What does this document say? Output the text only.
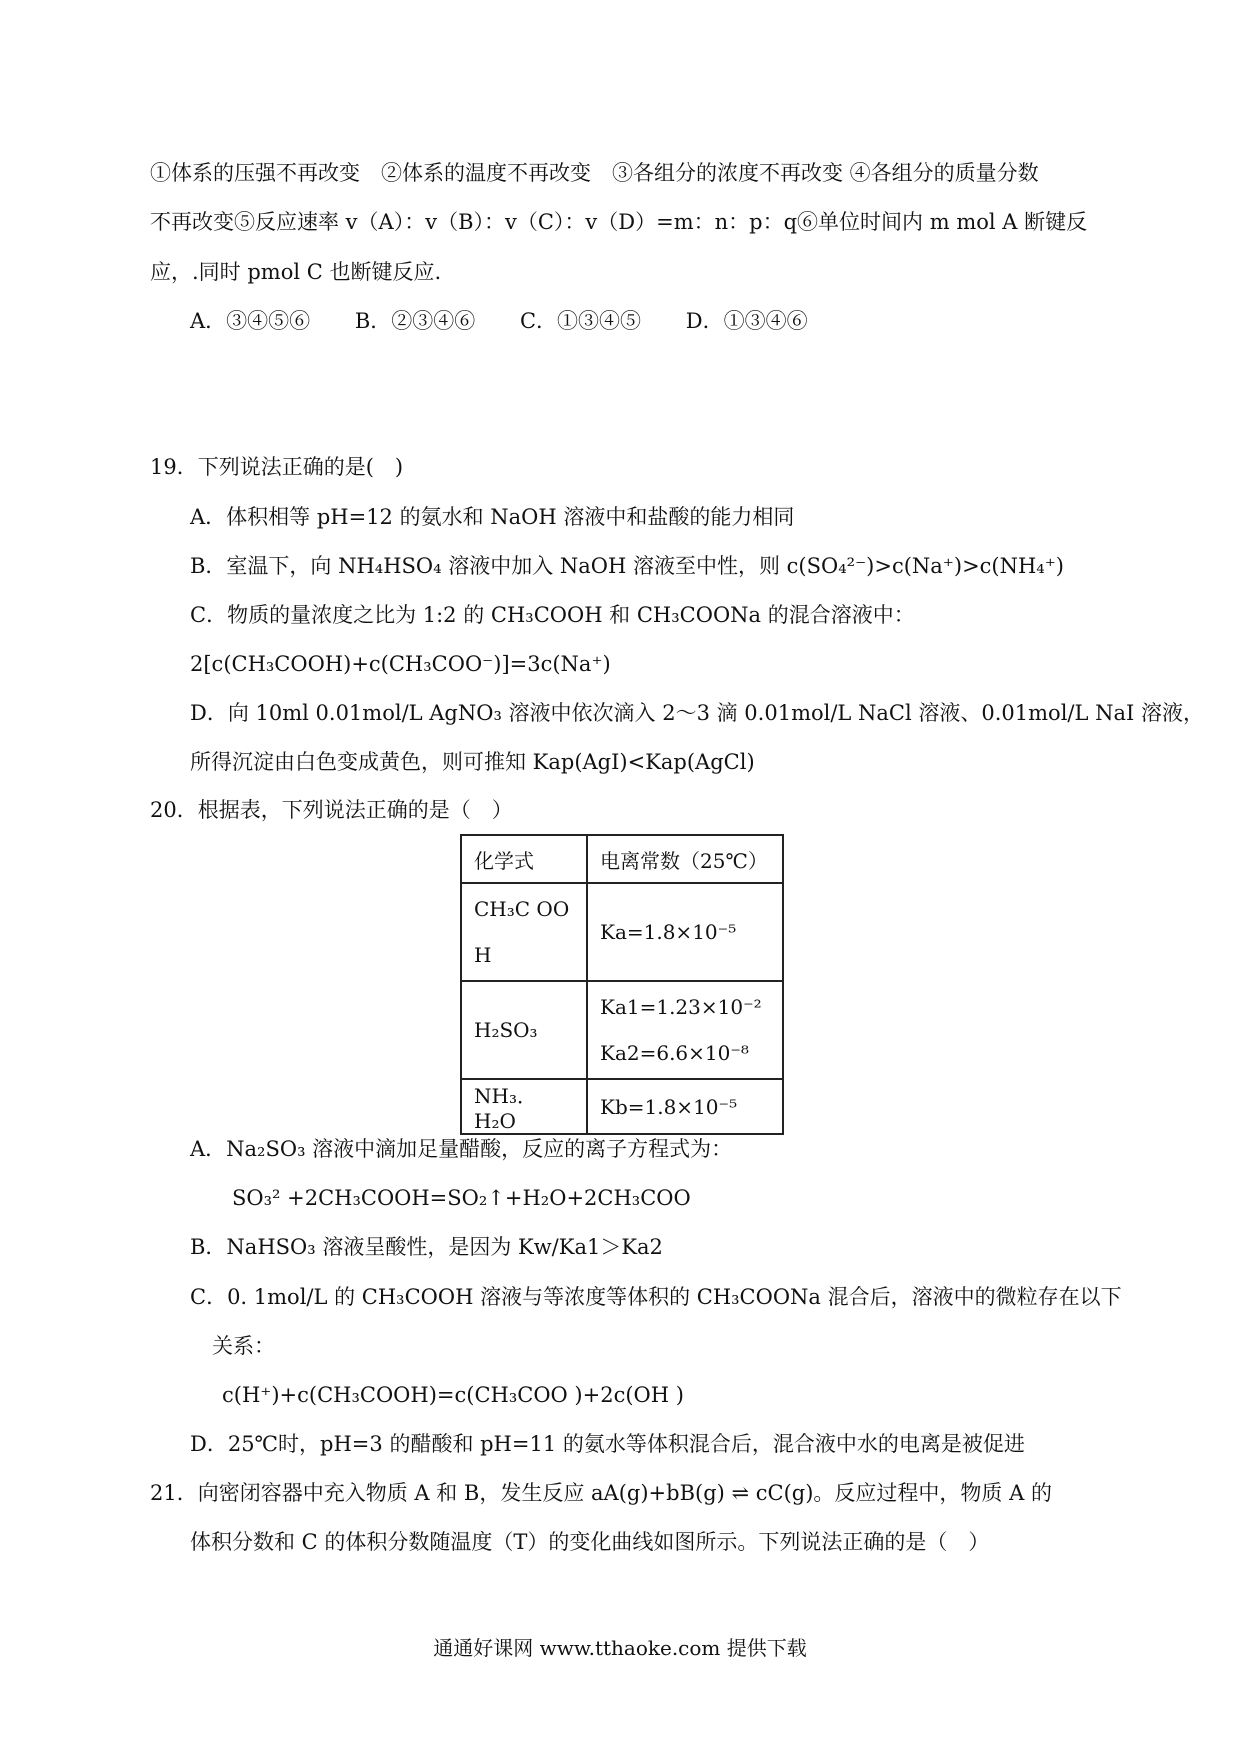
①体系的压强不再改变　②体系的温度不再改变　③各组分的浓度不再改变 ④各组分的质量分数
不再改变⑤反应速率 v（A）：v（B）：v（C）：v（D）=m：n：p：q⑥单位时间内 m mol A 断键反
应，.同时 pmol C 也断键反应.
A．③④⑤⑥ B．②③④⑥ C．①③④⑤ D．①③④⑥
19．下列说法正确的是(　)
A．体积相等 pH=12 的氨水和 NaOH 溶液中和盐酸的能力相同
B．室温下，向 NH₄HSO₄ 溶液中加入 NaOH 溶液至中性，则 c(SO₄²⁻)>c(Na⁺)>c(NH₄⁺)
C．物质的量浓度之比为 1:2 的 CH₃COOH 和 CH₃COONa 的混合溶液中：
2[c(CH₃COOH)+c(CH₃COO⁻)]=3c(Na⁺)
D．向 10ml 0.01mol/L AgNO₃ 溶液中依次滴入 2～3 滴 0.01mol/L NaCl 溶液、0.01mol/L NaI 溶液，
所得沉淀由白色变成黄色，则可推知 Kap(AgI)<Kap(AgCl)
20．根据表，下列说法正确的是（　）
化学式	电离常数（25℃）

CH₃C OO
H	Ka=1.8×10⁻⁵
H₂SO₃	Ka1=1.23×10⁻²
Ka2=6.6×10⁻⁸

NH₃．H₂O	Kb=1.8×10⁻⁵
A．Na₂SO₃ 溶液中滴加足量醋酸，反应的离子方程式为：
SO₃² +2CH₃COOH=SO₂↑+H₂O+2CH₃COO
B．NaHSO₃ 溶液呈酸性，是因为 Kw/Ka1＞Ka2
C．0. 1mol/L 的 CH₃COOH 溶液与等浓度等体积的 CH₃COONa 混合后，溶液中的微粒存在以下
关系：
c(H⁺)+c(CH₃COOH)=c(CH₃COO )+2c(OH )
D．25℃时，pH=3 的醋酸和 pH=11 的氨水等体积混合后，混合液中水的电离是被促进
21．向密闭容器中充入物质 A 和 B，发生反应 aA(g)+bB(g) ⇌ cC(g)。反应过程中，物质 A 的
体积分数和 C 的体积分数随温度（T）的变化曲线如图所示。下列说法正确的是（　）
通通好课网 www.tthaoke.com 提供下载
